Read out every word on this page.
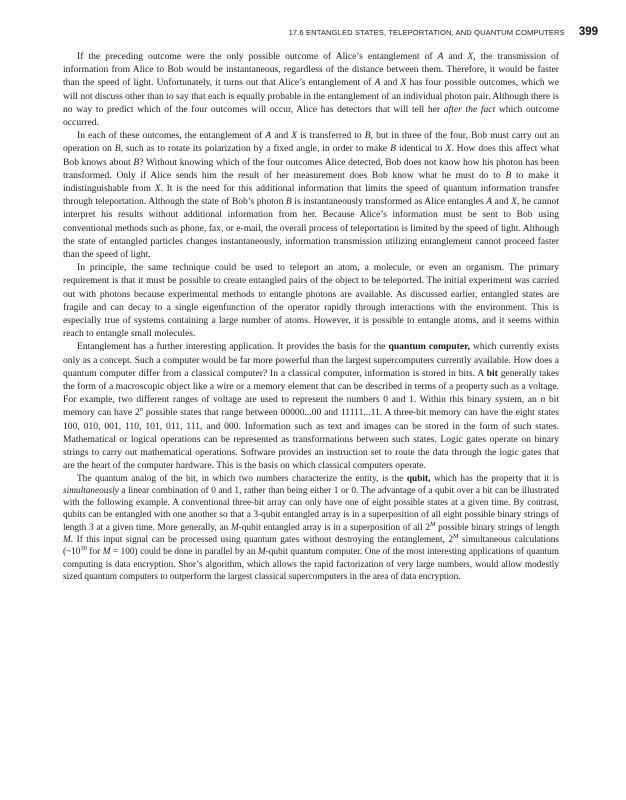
17.6 ENTANGLED STATES, TELEPORTATION, AND QUANTUM COMPUTERS 399

If the preceding outcome were the only possible outcome of Alice’s entanglement of A and X, the transmission of information from Alice to Bob would be instantaneous, regardless of the distance between them. Therefore, it would be faster than the speed of light. Unfortunately, it turns out that Alice’s entanglement of A and X has four possible outcomes, which we will not discuss other than to say that each is equally probable in the entanglement of an individual photon pair. Although there is no way to predict which of the four outcomes will occur, Alice has detectors that will tell her after the fact which outcome occurred.

In each of these outcomes, the entanglement of A and X is transferred to B, but in three of the four, Bob must carry out an operation on B, such as to rotate its polarization by a fixed angle, in order to make B identical to X. How does this affect what Bob knows about B? Without knowing which of the four outcomes Alice detected, Bob does not know how his photon has been transformed. Only if Alice sends him the result of her measurement does Bob know what he must do to B to make it indistinguishable from X. It is the need for this additional information that limits the speed of quantum information transfer through teleportation. Although the state of Bob’s photon B is instantaneously transformed as Alice entangles A and X, he cannot interpret his results without additional information from her. Because Alice’s information must be sent to Bob using conventional methods such as phone, fax, or e-mail, the overall process of teleportation is limited by the speed of light. Although the state of entangled particles changes instantaneously, information transmission utilizing entanglement cannot proceed faster than the speed of light.

In principle, the same technique could be used to teleport an atom, a molecule, or even an organism. The primary requirement is that it must be possible to create entangled pairs of the object to be teleported. The initial experiment was carried out with photons because experimental methods to entangle photons are available. As discussed earlier, entangled states are fragile and can decay to a single eigenfunction of the operator rapidly through interactions with the environment. This is especially true of systems containing a large number of atoms. However, it is possible to entangle atoms, and it seems within reach to entangle small molecules.

Entanglement has a further interesting application. It provides the basis for the quantum computer, which currently exists only as a concept. Such a computer would be far more powerful than the largest supercomputers currently available. How does a quantum computer differ from a classical computer? In a classical computer, information is stored in bits. A bit generally takes the form of a macroscopic object like a wire or a memory element that can be described in terms of a property such as a voltage. For example, two different ranges of voltage are used to represent the numbers 0 and 1. Within this binary system, an n bit memory can have 2$^n$ possible states that range between 00000...00 and 11111...11. A three-bit memory can have the eight states 100, 010, 001, 110, 101, 011, 111, and 000. Information such as text and images can be stored in the form of such states. Mathematical or logical operations can be represented as transformations between such states. Logic gates operate on binary strings to carry out mathematical operations. Software provides an instruction set to route the data through the logic gates that are the heart of the computer hardware. This is the basis on which classical computers operate.

The quantum analog of the bit, in which two numbers characterize the entity, is the qubit, which has the property that it is simultaneously a linear combination of 0 and 1, rather than being either 1 or 0. The advantage of a qubit over a bit can be illustrated with the following example. A conventional three-bit array can only have one of eight possible states at a given time. By contrast, qubits can be entangled with one another so that a 3-qubit entangled array is in a superposition of all eight possible binary strings of length 3 at a given time. More generally, an M-qubit entangled array is in a superposition of all $2^M$ possible binary strings of length M. If this input signal can be processed using quantum gates without destroying the entanglement, $2^M$ simultaneous calculations ($\sim 10^{30}$ for M = 100) could be done in parallel by an M-qubit quantum computer. One of the most interesting applications of quantum computing is data encryption. Shor’s algorithm, which allows the rapid factorization of very large numbers, would allow modestly sized quantum computers to outperform the largest classical supercomputers in the area of data encryption.
